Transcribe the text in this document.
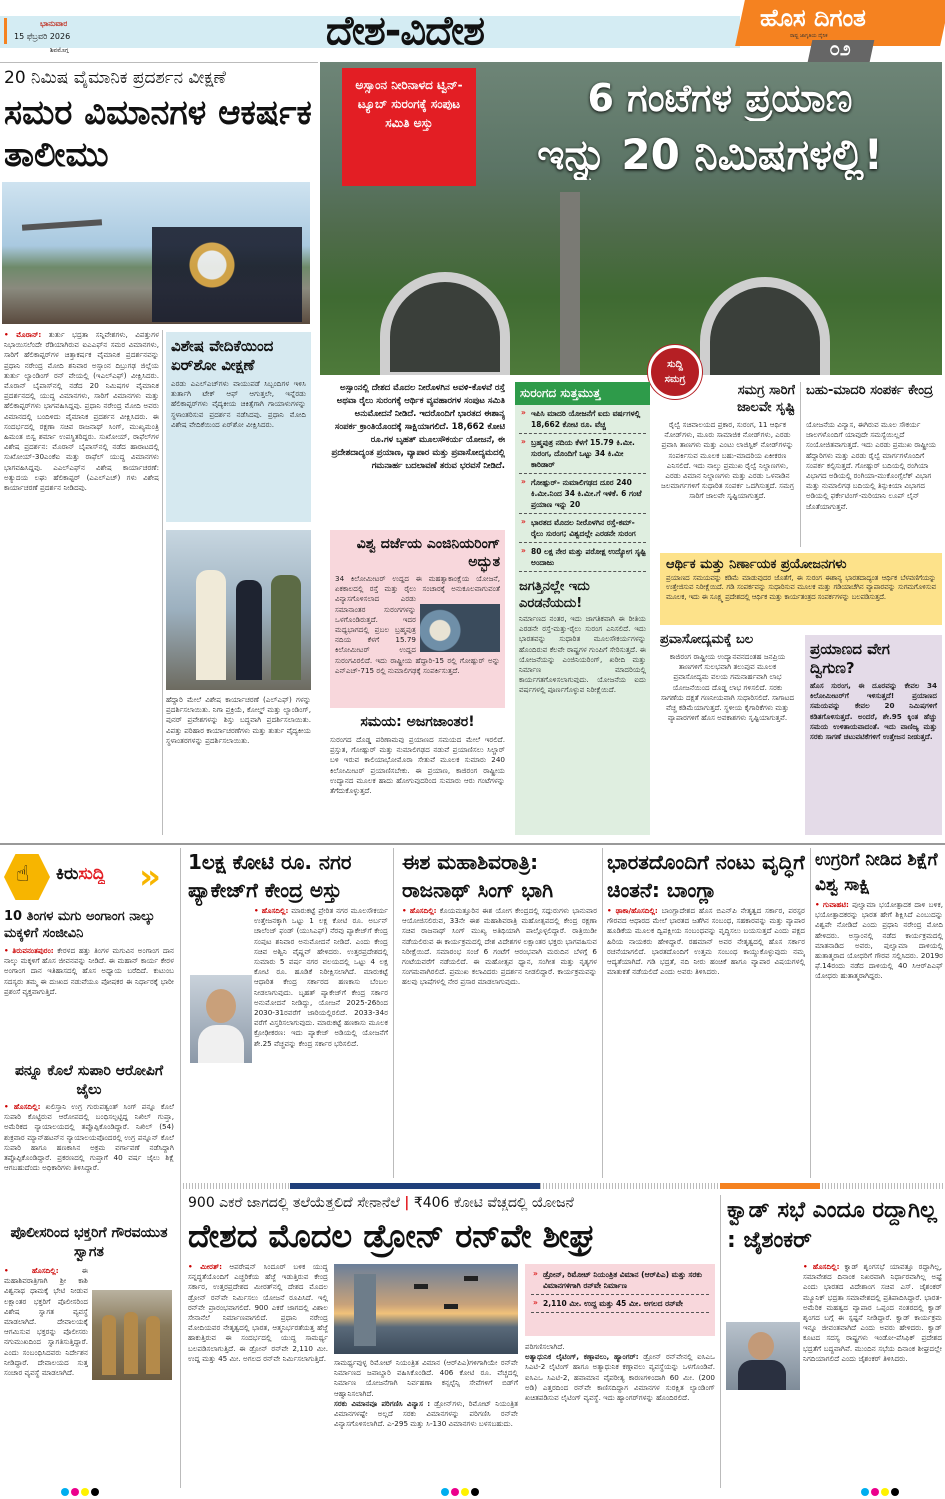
ಭಾನುವಾರ
15 ಫೆಬ್ರವರಿ 2026
ಶಿವಮೊಗ್ಗ	ದೇಶ-ವಿದೇಶ	ಹೊಸ ದಿಗಂತ
ರಾಷ್ಟ್ರ ಜಾಗೃತಿಯ ದೈನಿಕ
೦೨
20 ನಿಮಿಷ ವೈಮಾನಿಕ ಪ್ರದರ್ಶನ ವೀಕ್ಷಣೆ
ಸಮರ ವಿಮಾನಗಳ ಆಕರ್ಷಕ ತಾಲೀಮು
• ಮೊರಾನ್: ತುರ್ತು ಭದ್ರತಾ ಸನ್ನಿವೇಶಗಳು, ವಿಪತ್ತುಗಳ ನಿಭಾಯಿಸಲೆಂದೇ ರೆಡಿಯಾಗಿರುವ ಐಎಎಫ್‌ನ ಸಮರ ವಿಮಾನಗಳು, ಸಾರಿಗೆ ಹೆಲಿಕಾಪ್ಟರ್‌ಗಳ ಚಿತ್ತಾಕರ್ಷಕ ವೈಮಾನಿಕ ಪ್ರದರ್ಶನವನ್ನು ಪ್ರಧಾನಿ ನರೇಂದ್ರ ಮೋದಿ ಶನಿವಾರ ಅಸ್ಸಾಂನ ದಿಬ್ರುಗಢ ಜಿಲ್ಲೆಯ ತುರ್ತು ಲ್ಯಾಂಡಿಂಗ್ ರನ್ ವೇಯಲ್ಲಿ (ಇಎಲ್‌ಎಫ್) ವೀಕ್ಷಿಸಿದರು. ಮೊರಾನ್ ಬೈಪಾಸ್‌ನಲ್ಲಿ ನಡೆದ 20 ನಿಮಿಷಗಳ ವೈಮಾನಿಕ ಪ್ರದರ್ಶನದಲ್ಲಿ ಯುದ್ಧ ವಿಮಾನಗಳು, ಸಾರಿಗೆ ವಿಮಾನಗಳು ಮತ್ತು ಹೆಲಿಕಾಪ್ಟರ್‌ಗಳು ಭಾಗವಹಿಸಿದ್ದವು. ಪ್ರಧಾನಿ ನರೇಂದ್ರ ಮೋದಿ ಅವರು ವಿಮಾನದಲ್ಲಿ ಬಂದಿಳಿದು ವೈಮಾನಿಕ ಪ್ರದರ್ಶನ ವೀಕ್ಷಿಸಿದರು. ಈ ಸಂದರ್ಭದಲ್ಲಿ ರಕ್ಷಣಾ ಸಚಿವ ರಾಜನಾಥ್ ಸಿಂಗ್, ಮುಖ್ಯಮಂತ್ರಿ ಹಿಮಂತ ಬಿಸ್ವ ಶರ್ಮಾ ಉಪಸ್ಥಿತರಿದ್ದರು. ಸುಖೋಯ್, ರಾಫೆಲ್‌ಗಳ ವಿಶೇಷ ಪ್ರದರ್ಶನ: ಮೊರಾನ್ ಬೈಪಾಸ್‌ನಲ್ಲಿ ನಡೆದ ಹಾರಾಟದಲ್ಲಿ ಸುಖೋಯ್-30ಎಂಕೆಐ ಮತ್ತು ರಾಫೆಲ್ ಯುದ್ಧ ವಿಮಾನಗಳು ಭಾಗವಹಿಸಿದ್ದವು. ಎಎಲ್‌ಎಫ್‌ನ ವಿಶೇಷ ಕಾರ್ಯಾಚರಣೆ: ಅತ್ಯುದಯ ಲಘು ಹೆಲಿಕಾಪ್ಟರ್ (ಎಎಲ್‌ಎಚ್) ಗಳು ವಿಶೇಷ ಕಾರ್ಯಾಚರಣೆ ಪ್ರದರ್ಶನ ನೀಡಿದವು.
ವಿಶೇಷ ವೇದಿಕೆಯಿಂದ ಏರ್‌ಶೋ ವೀಕ್ಷಣೆ
ಎರಡು ಎಎಲ್‌ಎಚ್‌ಗಳು ವಾಯುಪಡೆ ಸಿಬ್ಬಂದಿಗಳ ಇಳಿಸಿ ತುರ್ತಾಗಿ ಟೇಕ್ ಆಫ್ ಆಗುತ್ತಲೇ, ಇನ್ನೆರಡು ಹೆಲಿಕಾಪ್ಟರ್‌ಗಳು ವೈದ್ಯಕೀಯ ಚಿಕಿತ್ಸೆಗಾಗಿ ಗಾಯಾಳುಗಳನ್ನು ಸ್ಥಳಾಂತರಿಸುವ ಪ್ರದರ್ಶನ ನಡೆಸಿದವು. ಪ್ರಧಾನಿ ಮೋದಿ ವಿಶೇಷ ವೇದಿಕೆಯಿಂದ ಏರ್‌ಶೋ ವೀಕ್ಷಿಸಿದರು.
ಹೆದ್ದಾರಿ ಮೇಲೆ ವಿಶೇಷ ಕಾರ್ಯಾಚರಣೆ (ಎಲ್‌ಎಫ್) ಗಳನ್ನು ಪ್ರದರ್ಶಿಸಲಾಯಿತು. ನಿಗಾ ಪ್ರಕ್ರಿಯೆ, ಕೋಲ್ಡ್ ಮತ್ತು ಲ್ಯಾಂಡಿಂಗ್, ಪುನರ್ ಪ್ರವೇಶಗಳನ್ನು ಶಿಸ್ತು ಬದ್ಧವಾಗಿ ಪ್ರದರ್ಶಿಸಲಾಯಿತು. ವಿಪತ್ತು ಪರಿಹಾರ ಕಾರ್ಯಾಚರಣೆಗಳು ಮತ್ತು ತುರ್ತು ವೈದ್ಯಕೀಯ ಸ್ಥಳಾಂತರಗಳನ್ನು ಪ್ರದರ್ಶಿಸಲಾಯಿತು.
ಅಸ್ಸಾಂನ ನೀರಿನಾಳದ ಟ್ವಿನ್-ಟ್ಯೂಬ್ ಸುರಂಗಕ್ಕೆ ಸಂಪುಟ ಸಮಿತಿ ಅಸ್ತು
6 ಗಂಟೆಗಳ ಪ್ರಯಾಣ
ಇನ್ನು 20 ನಿಮಿಷಗಳಲ್ಲಿ!
ಸುದ್ದಿ
ಸಮಗ್ರ
ಅಸ್ಸಾಂನಲ್ಲಿ ದೇಶದ ಮೊದಲ ನೀರೊಳಗಿನ ಅವಳಿ-ಕೊಳವೆ ರಸ್ತೆ ಅಥವಾ ರೈಲು ಸುರಂಗಕ್ಕೆ ಆರ್ಥಿಕ ವ್ಯವಹಾರಗಳ ಸಂಪುಟ ಸಮಿತಿ ಅನುಮೋದನೆ ನೀಡಿದೆ. ಇದರೊಂದಿಗೆ ಭಾರತದ ಈಶಾನ್ಯ ಸಂಪರ್ಕ ಕ್ರಾಂತಿಯೊಂದಕ್ಕೆ ಸಾಕ್ಷಿಯಾಗಲಿದೆ. 18,662 ಕೋಟಿ ರೂ.ಗಳ ಬೃಹತ್ ಮೂಲಸೌಕರ್ಯ ಯೋಜನೆ, ಈ ಪ್ರದೇಶದಾದ್ಯಂತ ಪ್ರಯಾಣ, ವ್ಯಾಪಾರ ಮತ್ತು ಪ್ರವಾಸೋದ್ಯಮದಲ್ಲಿ ಗಮನಾರ್ಹ ಬದಲಾವಣೆ ತರುವ ಭರವಸೆ ನೀಡಿದೆ.
ವಿಶ್ವ ದರ್ಜೆಯ ಎಂಜಿನಿಯರಿಂಗ್ ಅದ್ಭುತ
34 ಕಿಲೋಮೀಟರ್ ಉದ್ದದ ಈ ಮಹತ್ವಾಕಾಂಕ್ಷೆಯ ಯೋಜನೆ, ಏಕಕಾಲದಲ್ಲಿ ರಸ್ತೆ ಮತ್ತು ರೈಲು ಸಂಚಾರಕ್ಕೆ ಅನುಕೂಲವಾಗುವಂತೆ ವಿನ್ಯಾಸಗೊಳಿಸಲಾದ ಎರಡು ಸಮಾನಾಂತರ ಸುರಂಗಗಳನ್ನು ಒಳಗೊಂಡಿರುತ್ತದೆ. ಇದರ ಮಧ್ಯಭಾಗದಲ್ಲಿ ಪ್ರಬಲ ಬ್ರಹ್ಮಪುತ್ರ ನದಿಯ ಕೆಳಗೆ 15.79 ಕಿಲೋಮೀಟರ್ ಉದ್ದದ ಸುರಂಗವಿರಲಿದೆ. ಇದು ರಾಷ್ಟ್ರೀಯ ಹೆದ್ದಾರಿ-15 ರಲ್ಲಿ ಗೋಹ್ಪುರ್ ಅನ್ನು ಎನ್‌ಎಚ್-715 ರಲ್ಲಿ ನುಮಾಲಿಗಢಕ್ಕೆ ಸಂಪರ್ಕಿಸುತ್ತದೆ.
ಸಮಯ: ಅಜಗಜಾಂತರ!
ಸುರಂಗದ ದೊಡ್ಡ ಪರಿಣಾಮವು ಪ್ರಯಾಣದ ಸಮಯದ ಮೇಲೆ ಇರಲಿದೆ. ಪ್ರಸ್ತುತ, ಗೋಹ್ಪುರ್ ಮತ್ತು ನುಮಾಲಿಗಢದ ನಡುವೆ ಪ್ರಯಾಣಿಸಲು ಸಿಲ್ಚಾರ್ ಬಳಿ ಇರುವ ಕಾಲಿಯಾಭೋಮೊರಾ ಸೇತುವೆ ಮೂಲಕ ಸುಮಾರು 240 ಕಿಲೋಮೀಟರ್ ಪ್ರಯಾಣಿಸಬೇಕು. ಈ ಪ್ರಯಾಣ, ಕಾಜಿರಂಗ ರಾಷ್ಟ್ರೀಯ ಉದ್ಯಾನದ ಮೂಲಕ ಹಾದು ಹೋಗುವುದರಿಂದ ಸುಮಾರು ಆರು ಗಂಟೆಗಳನ್ನು ತೆಗೆದುಕೊಳ್ಳುತ್ತದೆ.
ಸುರಂಗದ ಸುತ್ತಮುತ್ತ
» ಇಪಿಸಿ ಮಾದರಿ ಯೋಜನೆಗೆ ಐದು ವರ್ಷಗಳಲ್ಲಿ 18,662 ಕೋಟಿ ರೂ. ವೆಚ್ಚ
» ಬ್ರಹ್ಮಪುತ್ರ ನದಿಯ ಕೆಳಗೆ 15.79 ಕಿ.ಮೀ. ಸುರಂಗ, ದೊಂದಿಗೆ ಒಟ್ಟು 34 ಕಿ.ಮೀ ಕಾರಿಡಾರ್
» ಗೋಹ್ಪುರ್- ನುಮಾಲಿಗಢದ ದೂರ 240 ಕಿ.ಮೀ.ನಿಂದ 34 ಕಿ.ಮೀ.ಗೆ ಇಳಿಕೆ. 6 ಗಂಟೆ ಪ್ರಯಾಣ ಇನ್ನು 20
» ಭಾರತದ ಮೊದಲ ನೀರೊಳಗಿನ ರಸ್ತೆ-ಕಮ್-ರೈಲು ಸುರಂಗ; ವಿಶ್ವದಲ್ಲೇ ಎರಡನೇ ಸುರಂಗ
» 80 ಲಕ್ಷ ನೇರ ಮತ್ತು ಪರೋಕ್ಷ ಉದ್ಯೋಗ ಸೃಷ್ಟಿ ಅಂದಾಜು
ಜಗತ್ತಿನಲ್ಲೇ ಇದು ಎರಡನೆಯದು!
ನಿರ್ಮಾಣದ ನಂತರ, ಇದು ಜಾಗತಿಕವಾಗಿ ಈ ರೀತಿಯ ಎರಡನೇ ರಸ್ತೆ-ಮತ್ತು-ರೈಲು ಸುರಂಗ ಎನಿಸಲಿದೆ. ಇದು ಭಾರತವನ್ನು ಸುಧಾರಿತ ಮೂಲಸೌಕರ್ಯಗಳನ್ನು ಹೊಂದಿರುವ ಕೆಲವೇ ರಾಷ್ಟ್ರಗಳ ಗುಂಪಿಗೆ ಸೇರಿಸುತ್ತದೆ. ಈ ಯೋಜನೆಯನ್ನು ಎಂಜಿನಿಯರಿಂಗ್, ಖರೀದಿ ಮತ್ತು ನಿರ್ಮಾಣ ಮಾದರಿಯಲ್ಲಿ ಕಾರ್ಯಗತಗೊಳಿಸಲಾಗುವುದು. ಯೋಜನೆಯ ಐದು ವರ್ಷಗಳಲ್ಲಿ ಪೂರ್ಣಗೊಳ್ಳುವ ನಿರೀಕ್ಷೆಯಿದೆ.
ಸಮಗ್ರ ಸಾರಿಗೆ ಜಾಲವೇ ಸೃಷ್ಟಿ
ರೈಲ್ವೆ ಸಚಿವಾಲಯದ ಪ್ರಕಾರ, ಸುರಂಗ, 11 ಆರ್ಥಿಕ ನೋಡ್‌ಗಳು, ಮೂರು ಸಾಮಾಜಿಕ ನೋಡ್‌ಗಳು, ಎರಡು ಪ್ರವಾಸಿ ತಾಣಗಳು ಮತ್ತು ಎಂಟು ಲಾಜಿಸ್ಟಿಕ್ ನೋಡ್‌ಗಳನ್ನು ಸಂಪರ್ಕಿಸುವ ಮೂಲಕ ಬಹು-ಮಾದರಿಯ ಏಕೀಕರಣ ಎನಿಸಲಿದೆ. ಇದು ನಾಲ್ಕು ಪ್ರಮುಖ ರೈಲ್ವೆ ನಿಲ್ದಾಣಗಳು, ಎರಡು ವಿಮಾನ ನಿಲ್ದಾಣಗಳು ಮತ್ತು ಎರಡು ಒಳನಾಡಿನ ಜಲಮಾರ್ಗಗಳಿಗೆ ಸುಧಾರಿತ ಸಂಪರ್ಕ ಒದಗಿಸುತ್ತದೆ. ಸಮಗ್ರ ಸಾರಿಗೆ ಜಾಲವೇ ಸೃಷ್ಟಿಯಾಗುತ್ತದೆ.
ಬಹು-ಮಾದರಿ ಸಂಪರ್ಕ ಕೇಂದ್ರ
ಯೋಜನೆಯ ವಿನ್ಯಾಸ, ಈಗಿರುವ ಮೂಲ ಸೌಕರ್ಯ ಜಾಲಗಳೊಂದಿಗೆ ಯಾವುದೇ ಸಮಸ್ಯೆಯಿಲ್ಲದೆ ಸಂಯೋಜಿತವಾಗುತ್ತದೆ. ಇದು ಎರಡು ಪ್ರಮುಖ ರಾಷ್ಟ್ರೀಯ ಹೆದ್ದಾರಿಗಳು ಮತ್ತು ಎರಡು ರೈಲ್ವೆ ಮಾರ್ಗಗಳೊಂದಿಗೆ ಸಂಪರ್ಕ ಕಲ್ಪಿಸುತ್ತದೆ. ಗೋಹ್ಪುರ್ ಬದಿಯಲ್ಲಿ ರಂಗಿಯಾ ವಿಭಾಗದ ಅಡಿಯಲ್ಲಿ ರಂಗಿಯಾ-ಮುಕೊಂಗ್ಸೆಲೆಕ್ ವಿಭಾಗ ಮತ್ತು ನುಮಾಲಿಗಢ ಬದಿಯಲ್ಲಿ ತಿನ್ಸುಕಿಯಾ ವಿಭಾಗದ ಅಡಿಯಲ್ಲಿ ಫರ್ಕೇಟಿಂಗ್-ಮರಿಯಾನಿ ಲೂಪ್ ಲೈನ್ ಜೊತೆಯಾಗುತ್ತವೆ.
ಆರ್ಥಿಕ ಮತ್ತು ನಿರ್ಣಾಯಕ ಪ್ರಯೋಜನಗಳು
ಪ್ರಯಾಣದ ಸಮಯವನ್ನು ಕಡಿಮೆ ಮಾಡುವುದರ ಜೊತೆಗೆ, ಈ ಸುರಂಗ ಈಶಾನ್ಯ ಭಾರತದಾದ್ಯಂತ ಆರ್ಥಿಕ ಬೆಳವಣಿಗೆಯನ್ನು ಉತ್ತೇಜಿಸುವ ನಿರೀಕ್ಷೆಯಿದೆ. ಗಡಿ ಸಂಪರ್ಕವನ್ನು ಸುಧಾರಿಸುವ ಮೂಲಕ ಮತ್ತು ಗಡಿಯಾಚೆಗಿನ ವ್ಯಾಪಾರವನ್ನು ಸುಗಮಗೊಳಿಸುವ ಮೂಲಕ, ಇದು ಈ ಸೂಕ್ಷ್ಮ ಪ್ರದೇಶದಲ್ಲಿ ಆರ್ಥಿಕ ಮತ್ತು ಕಾರ್ಯತಂತ್ರದ ಸಂಪರ್ಕಗಳನ್ನು ಬಲಪಡಿಸುತ್ತದೆ.
ಪ್ರವಾಸೋದ್ಯಮಕ್ಕೆ ಬಲ
ಕಾಜಿರಂಗ ರಾಷ್ಟ್ರೀಯ ಉದ್ಯಾನವನದಂತಹ ಜನಪ್ರಿಯ ತಾಣಗಳಿಗೆ ಸುಲಭವಾಗಿ ತಲುಪುವ ಮೂಲಕ ಪ್ರವಾಸೋದ್ಯಮ ವಲಯ ಗಮನಾರ್ಹವಾಗಿ ಲಾಭ ಯೋಜನೆಯಿಂದ ದೊಡ್ಡ ಲಾಭ ಗಳಿಸಲಿದೆ. ಸರಕು ಸಾಗಣೆಯ ದಕ್ಷತೆ ಗಣನೀಯವಾಗಿ ಸುಧಾರಿಸಲಿದೆ. ಸಾಗಾಟದ ವೆಚ್ಚ ಕಡಿಮೆಯಾಗುತ್ತದೆ. ಸ್ಥಳೀಯ ಕೈಗಾರಿಕೆಗಳು ಮತ್ತು ವ್ಯಾಪಾರಗಳಿಗೆ ಹೊಸ ಅವಕಾಶಗಳು ಸೃಷ್ಟಿಯಾಗುತ್ತವೆ.
ಪ್ರಯಾಣದ ವೇಗ ದ್ವಿಗುಣ?
ಹೊಸ ಸುರಂಗ, ಈ ದೂರವನ್ನು ಕೇವಲ 34 ಕಿಲೋಮೀಟರ್‌ಗೆ ಇಳಿಸುತ್ತದೆ! ಪ್ರಯಾಣದ ಸಮಯವನ್ನು ಕೇವಲ 20 ನಿಮಿಷಗಳಿಗೆ ಕಡಿತಗೊಳಿಸುತ್ತದೆ. ಅಂದರೆ, ಶೇ.95 ಕ್ಕಿಂತ ಹೆಚ್ಚು ಸಮಯ ಉಳಿತಾಯವಾದಂತೆ. ಇದು ವಾಣಿಜ್ಯ ಮತ್ತು ಸರಕು ಸಾಗಣೆ ಚಟುವಟಿಕೆಗಳಿಗೆ ಉತ್ತೇಜನ ನೀಡುತ್ತದೆ.
☝ ಕಿರುಸುದ್ದಿ »
10 ತಿಂಗಳ ಮಗು ಅಂಗಾಂಗ ನಾಲ್ಕು ಮಕ್ಕಳಿಗೆ ಸಂಜೀವಿನಿ
• ತಿರುವನಂತಪುರಂ: ಕೇರಳದ ಹತ್ತು ತಿಂಗಳ ಮಗುವಿನ ಅಂಗಾಂಗ ದಾನ ನಾಲ್ಕು ಮಕ್ಕಳಿಗೆ ಹೊಸ ಜೀವನವನ್ನು ನೀಡಿದೆ. ಈ ಮಹಾನ್ ಕಾರ್ಯ ಕೇರಳ ಅಂಗಾಂಗ ದಾನ ಇತಿಹಾಸದಲ್ಲಿ ಹೊಸ ಅಧ್ಯಾಯ ಬರೆದಿದೆ. ಕುಟುಂಬ ಸದಸ್ಯರು ತಮ್ಮ ಈ ದುಃಖದ ನಡುವೆಯೂ ಪೋಷಕರ ಈ ನಿರ್ಧಾರಕ್ಕೆ ಭಾರೀ ಪ್ರಶಂಸೆ ವ್ಯಕ್ತವಾಗುತ್ತಿದೆ.
ಪನ್ನೂ ಕೊಲೆ ಸುಪಾರಿ ಆರೋಪಿಗೆ ಜೈಲು
• ಹೊಸದಿಲ್ಲಿ: ಖಲಿಸ್ತಾನಿ ಉಗ್ರ ಗುರುಪತ್ವಂತ್ ಸಿಂಗ್ ಪನ್ನೂ ಕೊಲೆ ಸುಪಾರಿ ಕೊಟ್ಟಿರುವ ಆರೋಪದಲ್ಲಿ ಬಂಧಿಸಲ್ಪಟ್ಟಿದ್ದ ನಿಖಿಲ್ ಗುಪ್ತಾ, ಅಮೆರಿಕದ ನ್ಯಾಯಾಲಯದಲ್ಲಿ ತಪ್ಪೊಪ್ಪಿಕೊಂಡಿದ್ದಾರೆ. ನಿಖಿಲ್ (54) ಶುಕ್ರವಾರ ಮ್ಯಾನ್‌ಹಟನ್‌ನ ನ್ಯಾಯಾಲಯವೊಂದರಲ್ಲಿ ಉಗ್ರ ಪನ್ನೂನ್ ಕೊಲೆ ಸುಪಾರಿ ಹಾಗೂ ಹಣಕಾಸಿನ ಅಕ್ರಮ ವರ್ಗಾವಣೆ ನಡೆಸಿದ್ದಾಗಿ ತಪ್ಪೊಪ್ಪಿಕೊಂಡಿದ್ದಾರೆ. ಪ್ರಕರಣದಲ್ಲಿ ಗುಪ್ತಾಗೆ 40 ವರ್ಷ ಜೈಲು ಶಿಕ್ಷೆ ಆಗಬಹುದೆಂದು ಅಧಿಕಾರಿಗಳು ತಿಳಿಸಿದ್ದಾರೆ.
ಪೊಲೀಸರಿಂದ ಭಕ್ತರಿಗೆ ಗೌರವಯುತ ಸ್ವಾಗತ
• ಹೊಸದಿಲ್ಲಿ:	ಈ ಮಹಾಶಿವರಾತ್ರಿಗಾಗಿ ಶ್ರೀ ಕಾಶಿ ವಿಶ್ವನಾಥ ಧಾಮಕ್ಕೆ ಭೇಟಿ ನೀಡುವ ಲಕ್ಷಾಂತರ ಭಕ್ತರಿಗೆ ಪೊಲೀಸರಿಂದ ವಿಶೇಷ ಸ್ವಾಗತ ವ್ಯವಸ್ಥೆ ಮಾಡಲಾಗಿದೆ. ದೇವಾಲಯಕ್ಕೆ ಆಗಮಿಸುವ ಭಕ್ತರನ್ನು ಪೊಲೀಸರು ನಗುಮುಖದಿಂದ ಸ್ವಾಗತಿಸುತ್ತಿದ್ದಾರೆ. ಎಂದು ಸಂಬಂಧಿಸಿದವರು ನಿರ್ದೇಶನ ನೀಡಿದ್ದಾರೆ. ದೇವಾಲಯದ ಸುತ್ತ ಸಂಚಾರ ವ್ಯವಸ್ಥೆ ಮಾಡಲಾಗಿದೆ.
1ಲಕ್ಷ ಕೋಟಿ ರೂ. ನಗರ ಪ್ಯಾಕೇಜ್‌ಗೆ ಕೇಂದ್ರ ಅಸ್ತು
• ಹೊಸದಿಲ್ಲಿ: ಮಾರುಕಟ್ಟೆ ಪ್ರೇರಿತ ನಗರ ಮೂಲಸೌಕರ್ಯ ಉತ್ತೇಜನಕ್ಕಾಗಿ ಒಟ್ಟು 1 ಲಕ್ಷ ಕೋಟಿ ರೂ. ಅರ್ಬನ್ ಚಾಲೆಂಜ್ ಫಂಡ್ (ಯುಸಿಎಫ್) ನೆರವು ಪ್ಯಾಕೇಜ್‌ಗೆ ಕೇಂದ್ರ ಸಂಪುಟ ಶನಿವಾರ ಅನುಮೋದನೆ ನೀಡಿದೆ. ಎಂದು ಕೇಂದ್ರ ಸಚಿವ ಅಶ್ವಿನಿ ವೈಷ್ಣವ್ ಹೇಳಿದರು. ಉತ್ತರಪ್ರದೇಶದಲ್ಲಿ ಸುಮಾರು 5 ವರ್ಷ ನಗರ ವಲಯದಲ್ಲಿ ಒಟ್ಟು 4 ಲಕ್ಷ ಕೋಟಿ ರೂ. ಹೂಡಿಕೆ ನಿರೀಕ್ಷಿಸಲಾಗಿದೆ. ಮಾರುಕಟ್ಟೆ ಆಧಾರಿತ ಕೇಂದ್ರ ಸರ್ಕಾರದ ಹಣಕಾಸು ಬೆಂಬಲ ನೀಡಲಾಗುವುದು. ಬೃಹತ್ ಪ್ಯಾಕೇಜ್‌ಗೆ ಕೇಂದ್ರ ಸರ್ಕಾರ ಅನುಮೋದನೆ ನೀಡಿದ್ದು, ಯೋಜನೆ 2025-26ರಿಂದ 2030-31ರವರೆಗೆ ಜಾರಿಯಲ್ಲಿರಲಿದೆ. 2033-34ರ ವರೆಗೆ ವಿಸ್ತರಿಸಲಾಗುವುದು. ಮಾರುಕಟ್ಟೆ ಹಣಕಾಸು ಮೂಲಕ ಕ್ರೋಢೀಕರಣ: ಇದು ಪ್ಯಾಕೇಜ್ ಅಡಿಯಲ್ಲಿ ಯೋಜನೆಗೆ ಶೇ.25 ವೆಚ್ಚವನ್ನು ಕೇಂದ್ರ ಸರ್ಕಾರ ಭರಿಸಲಿದೆ.
ಈಶ ಮಹಾಶಿವರಾತ್ರಿ: ರಾಜನಾಥ್ ಸಿಂಗ್ ಭಾಗಿ
• ಹೊಸದಿಲ್ಲಿ: ಕೊಯಮತ್ತೂರಿನ ಈಶ ಯೋಗ ಕೇಂದ್ರದಲ್ಲಿ ಸದ್ಗುರುಗಳು ಭಾನುವಾರ ಆಯೋಜಿಸಲಿರುವ, 33ನೇ ಈಶ ಮಹಾಶಿವರಾತ್ರಿ ಮಹೋತ್ಸವದಲ್ಲಿ ಕೇಂದ್ರ ರಕ್ಷಣಾ ಸಚಿವ ರಾಜನಾಥ್ ಸಿಂಗ್ ಮುಖ್ಯ ಅತಿಥಿಯಾಗಿ ಪಾಲ್ಗೊಳ್ಳಲಿದ್ದಾರೆ. ರಾತ್ರಿಯಿಡೀ ನಡೆಯಲಿರುವ ಈ ಕಾರ್ಯಕ್ರಮದಲ್ಲಿ ದೇಶ ವಿದೇಶಗಳ ಲಕ್ಷಾಂತರ ಭಕ್ತರು ಭಾಗವಹಿಸುವ ನಿರೀಕ್ಷೆಯಿದೆ. ಸಮಾರಂಭ ಸಂಜೆ 6 ಗಂಟೆಗೆ ಆರಂಭವಾಗಿ ಮರುದಿನ ಬೆಳಗ್ಗೆ 6 ಗಂಟೆಯವರೆಗೆ ನಡೆಯಲಿದೆ. ಈ ಮಹೋತ್ಸವ ಧ್ಯಾನ, ಸಂಗೀತ ಮತ್ತು ನೃತ್ಯಗಳ ಸಂಗಮವಾಗಿರಲಿದೆ. ಪ್ರಮುಖ ಕಲಾವಿದರು ಪ್ರದರ್ಶನ ನೀಡಲಿದ್ದಾರೆ. ಕಾರ್ಯಕ್ರಮವನ್ನು ಹಲವು ಭಾಷೆಗಳಲ್ಲಿ ನೇರ ಪ್ರಸಾರ ಮಾಡಲಾಗುವುದು.
ಭಾರತದೊಂದಿಗೆ ನಂಟು ವೃದ್ಧಿಗೆ ಚಿಂತನೆ: ಬಾಂಗ್ಲಾ
• ಢಾಕಾ/ಹೊಸದಿಲ್ಲಿ: ಬಾಂಗ್ಲಾದೇಶದ ಹೊಸ ಬಿಎನ್‌ಪಿ ನೇತೃತ್ವದ ಸರ್ಕಾರ, ಪರಸ್ಪರ ಗೌರವದ ಆಧಾರದ ಮೇಲೆ ಭಾರತದ ಜತೆಗಿನ ಸಂಬಂಧ, ಸಹಕಾರವನ್ನು ಮತ್ತು ವ್ಯಾಪಾರ ಹೂಡಿಕೆಯ ಮೂಲಕ ದ್ವಿಪಕ್ಷೀಯ ಸಂಬಂಧವನ್ನು ವೃದ್ಧಿಸಲು ಬಯಸುತ್ತದೆ ಎಂದು ಪಕ್ಷದ ಹಿರಿಯ ನಾಯಕರು ಹೇಳಿದ್ದಾರೆ. ರಹಮಾನ್ ಅವರ ನೇತೃತ್ವದಲ್ಲಿ ಹೊಸ ಸರ್ಕಾರ ರಚನೆಯಾಗಲಿದೆ. ಭಾರತದೊಂದಿಗೆ ಉತ್ತಮ ಸಂಬಂಧ ಕಾಯ್ದುಕೊಳ್ಳುವುದು ನಮ್ಮ ಆದ್ಯತೆಯಾಗಿದೆ. ಗಡಿ ಭದ್ರತೆ, ನದಿ ನೀರು ಹಂಚಿಕೆ ಹಾಗೂ ವ್ಯಾಪಾರ ವಿಷಯಗಳಲ್ಲಿ ಮಾತುಕತೆ ನಡೆಯಲಿದೆ ಎಂದು ಅವರು ತಿಳಿಸಿದರು.
ಉಗ್ರರಿಗೆ ನೀಡಿದ ಶಿಕ್ಷೆಗೆ ವಿಶ್ವ ಸಾಕ್ಷಿ
• ಗುವಾಹಟಿ: ಪುಲ್ವಾಮಾ ಭಯೋತ್ಪಾದಕ ದಾಳಿ ಬಳಿಕ, ಭಯೋತ್ಪಾದಕರನ್ನು ಭಾರತ ಹೇಗೆ ಶಿಕ್ಷಿಸಿದೆ ಎಂಬುದನ್ನು ವಿಶ್ವವೇ ನೋಡಿದೆ ಎಂದು ಪ್ರಧಾನಿ ನರೇಂದ್ರ ಮೋದಿ ಹೇಳಿದರು. ಅಸ್ಸಾಂನಲ್ಲಿ ನಡೆದ ಕಾರ್ಯಕ್ರಮದಲ್ಲಿ ಮಾತನಾಡಿದ ಅವರು, ಪುಲ್ವಾಮಾ ದಾಳಿಯಲ್ಲಿ ಹುತಾತ್ಮರಾದ ಯೋಧರಿಗೆ ಗೌರವ ಸಲ್ಲಿಸಿದರು. 2019ರ ಫೆ.14ರಂದು ನಡೆದ ದಾಳಿಯಲ್ಲಿ 40 ಸಿಆರ್‌ಪಿಎಫ್ ಯೋಧರು ಹುತಾತ್ಮರಾಗಿದ್ದರು.
900 ಎಕರೆ ಜಾಗದಲ್ಲಿ ತಲೆಯೆತ್ತಲಿದೆ ಸೇನಾನೆಲೆ | ₹406 ಕೋಟಿ ವೆಚ್ಚದಲ್ಲಿ ಯೋಜನೆ
ದೇಶದ ಮೊದಲ ಡ್ರೋನ್ ರನ್‌ವೇ ಶೀಘ್ರ
• ಮೀರತ್: ಆಪರೇಷನ್ ಸಿಂದೂರ್ ಬಳಿಕ ಯುದ್ಧ ಸನ್ನದ್ಧತೆಯೊಂದಿಗೆ ಎಚ್ಚರಿಕೆಯ ಹೆಜ್ಜೆ ಇಡುತ್ತಿರುವ ಕೇಂದ್ರ ಸರ್ಕಾರ, ಉತ್ತರಪ್ರದೇಶದ ಮೀರತ್‌ನಲ್ಲಿ ದೇಶದ ಮೊದಲ ಡ್ರೋನ್ ರನ್‌ವೇ ನಿರ್ಮಿಸಲು ಯೋಜನೆ ರೂಪಿಸಿದೆ. ಇಲ್ಲಿ ರನ್‌ವೇ ಪ್ರಾರಂಭವಾಗಲಿದೆ. 900 ಎಕರೆ ಜಾಗದಲ್ಲಿ ವಿಶಾಲ ಸೇನಾನೆಲೆ ನಿರ್ಮಾಣವಾಗಲಿದೆ. ಪ್ರಧಾನಿ ನರೇಂದ್ರ ಮೋದಿಯವರ ನೇತೃತ್ವದಲ್ಲಿ ಭಾರತ, ಆತ್ಮನಿರ್ಭರತೆಯತ್ತ ಹೆಜ್ಜೆ ಹಾಕುತ್ತಿರುವ ಈ ಸಂದರ್ಭದಲ್ಲಿ ಯುದ್ಧ ಸಾಮರ್ಥ್ಯ ಬಲಪಡಿಸಲಾಗುತ್ತಿದೆ. ಈ ಡ್ರೋನ್ ರನ್‌ವೇ 2,110 ಮೀ. ಉದ್ದ ಮತ್ತು 45 ಮೀ. ಅಗಲದ ರನ್‌ವೇ ನಿರ್ಮಿಸಲಾಗುತ್ತಿದೆ. ಸಾಮರ್ಥ್ಯವುಳ್ಳ ರಿಮೋಟ್ ನಿಯಂತ್ರಿತ ವಿಮಾನ (ಆರ್‌ಪಿಎ)ಗಳಿಗಾಗಿಯೇ ರನ್‌ವೇ ನಿರ್ಮಾಣದ ಜವಾಬ್ದಾರಿ ವಹಿಸಿಕೊಂಡಿದೆ. 406 ಕೋಟಿ ರೂ. ವೆಚ್ಚದಲ್ಲಿ ನಿರ್ಮಾಣ ಯೋಜನೆಗಾಗಿ ನಿರ್ವಹಣಾ ಕನ್ಸಲ್ಟೆನ್ಸಿ ಸೇವೆಗಳಿಗೆ ಬಿಡ್‌ಗೆ ಆಹ್ವಾನಿಸಲಾಗಿದೆ.
ಸರಕು ವಿಮಾನವೂ ಪರಿಗಣಿಸಿ ವಿನ್ಯಾಸ : ಡ್ರೋನ್‌ಗಳು, ರಿಮೋಟ್ ನಿಯಂತ್ರಿತ ವಿಮಾನಗಳಷ್ಟೇ ಅಲ್ಲದೆ ಸರಕು ವಿಮಾನಗಳನ್ನು ಪರಿಗಣಿಸಿ ರನ್‌ವೇ ವಿನ್ಯಾಸಗೊಳಿಸಲಾಗಿದೆ. ಎ-295 ಮತ್ತು ಸಿ-130 ವಿಮಾನಗಳು ಬಳಸಬಹುದು.
» ಡ್ರೋನ್, ರಿಮೋಟ್ ನಿಯಂತ್ರಿತ ವಿಮಾನ (ಆರ್‌ಪಿಎ) ಮತ್ತು ಸರಕು ವಿಮಾನಗಳಿಗಾಗಿ ರನ್‌ವೇ ನಿರ್ಮಾಣ
» 2,110 ಮೀ. ಉದ್ದ ಮತ್ತು 45 ಮೀ. ಅಗಲದ ರನ್‌ವೇ
ಪರಿಗಣಿಸಲಾಗಿದೆ.
ಅತ್ಯಾಧುನಿಕ ಲೈಟಿಂಗ್, ಕಣ್ಗಾವಲು, ಹ್ಯಾಂಗರ್: ಡ್ರೋನ್ ರನ್‌ವೇನಲ್ಲಿ ಐಸಿಎಒ ಸಿಎಟಿ-2 ಲೈಟಿಂಗ್ ಹಾಗೂ ಅತ್ಯಾಧುನಿಕ ಕಣ್ಗಾವಲು ವ್ಯವಸ್ಥೆಯನ್ನು ಒಳಗೊಂಡಿವೆ. ಐಸಿಎಒ ಸಿಎಟಿ-2, ಹವಾಮಾನ ವೈಪರೀತ್ಯ ಕಾರಣಗಳಿಂದಾಗಿ 60 ಮೀ. (200 ಅಡಿ) ಎತ್ತರದಿಂದ ರನ್‌ವೇ ಕಾಣಿಸದಿದ್ದಾಗ ವಿಮಾನಗಳ ಸುರಕ್ಷಿತ ಲ್ಯಾಂಡಿಂಗ್ ಖಚಿತಪಡಿಸುವ ಲೈಟಿಂಗ್ ವ್ಯವಸ್ಥೆ. ಇದು ಹ್ಯಾಂಗರ್‌ಗಳನ್ನು ಹೊಂದಿರಲಿದೆ.
ಕ್ವಾಡ್ ಸಭೆ ಎಂದೂ ರದ್ದಾಗಿಲ್ಲ : ಜೈಶಂಕರ್
• ಹೊಸದಿಲ್ಲಿ: ಕ್ವಾಡ್ ಶೃಂಗಸಭೆ ಯಾವತ್ತೂ ರದ್ದಾಗಿಲ್ಲ, ಸಮಾವೇಶದ ದಿನಾಂಕ ನಿಖರವಾಗಿ ನಿರ್ಧಾರವಾಗಿಲ್ಲ ಅಷ್ಟೆ ಎಂದು ಭಾರತದ ವಿದೇಶಾಂಗ ಸಚಿವ ಎಸ್. ಜೈಶಂಕರ್ ಮ್ಯೂನಿಕ್ ಭದ್ರತಾ ಸಮಾವೇಶದಲ್ಲಿ ಪ್ರತಿಪಾದಿಸಿದ್ದಾರೆ. ಭಾರತ-ಅಮೆರಿಕ ಮಹತ್ವದ ವ್ಯಾಪಾರ ಒಪ್ಪಂದ ನಂತರದಲ್ಲಿ ಕ್ವಾಡ್ ಶೃಂಗದ ಬಗ್ಗೆ ಈ ಸ್ಪಷ್ಟನೆ ನೀಡಿದ್ದಾರೆ. ಕ್ವಾಡ್ ಕಾರ್ಯಕ್ರಮ ಇನ್ನೂ ಜೀವಂತವಾಗಿದೆ ಎಂದು ಅವರು ಹೇಳಿದರು. ಕ್ವಾಡ್ ಕೂಟದ ಸದಸ್ಯ ರಾಷ್ಟ್ರಗಳು ಇಂಡೋ-ಪೆಸಿಫಿಕ್ ಪ್ರದೇಶದ ಭದ್ರತೆಗೆ ಬದ್ಧವಾಗಿವೆ. ಮುಂದಿನ ಸಭೆಯ ದಿನಾಂಕ ಶೀಘ್ರದಲ್ಲೇ ನಿಗದಿಯಾಗಲಿದೆ ಎಂದು ಜೈಶಂಕರ್ ತಿಳಿಸಿದರು.
